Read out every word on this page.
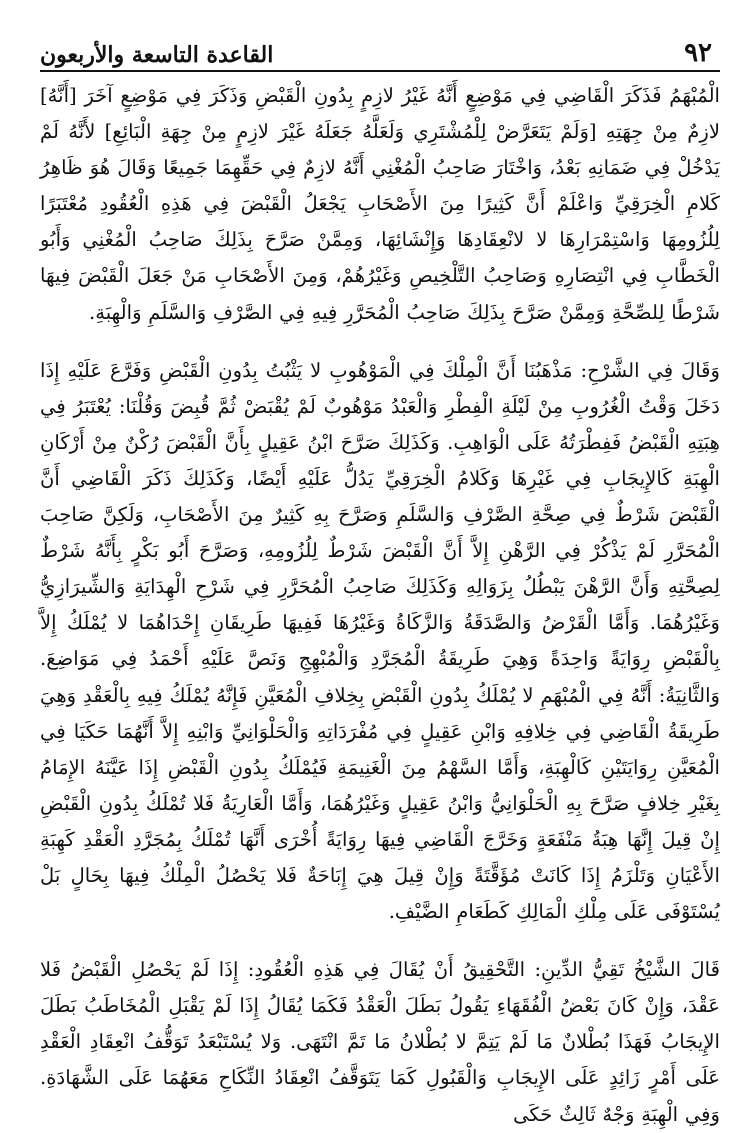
٩٢
القاعدة التاسعة والأربعون

الْمُبْهَمُ فَذَكَرَ الْقَاضِي فِي مَوْضِعٍ أَنَّهُ غَيْرُ لازِمٍ بِدُونِ الْقَبْضِ وَذَكَرَ فِي مَوْضِعٍ آخَرَ [أَنَّهُ] لازِمٌ مِنْ جِهَتِهِ [وَلَمْ يَتَعَرَّضْ لِلْمُشْتَرِي وَلَعَلَّهُ جَعَلَهُ غَيْرَ لازِمٍ مِنْ جِهَةِ الْبَائِعِ] لأَنَّهُ لَمْ يَدْخُلْ فِي ضَمَانِهِ بَعْدُ، وَاخْتَارَ صَاحِبُ الْمُغْنِي أَنَّهُ لازِمٌ فِي حَقِّهِمَا جَمِيعًا وَقَالَ هُوَ ظَاهِرُ كَلامِ الْخِرَقِيِّ وَاعْلَمْ أَنَّ كَثِيرًا مِنَ الأَصْحَابِ يَجْعَلُ الْقَبْضَ فِي هَذِهِ الْعُقُودِ مُعْتَبَرًا لِلُزُومِهَا وَاسْتِمْرَارِهَا لا لانْعِقَادِهَا وَإِنْشَائِهَا، وَمِمَّنْ صَرَّحَ بِذَلِكَ صَاحِبُ الْمُغْنِي وَأَبُو الْخَطَّابِ فِي انْتِصَارِهِ وَصَاحِبُ التَّلْخِيصِ وَغَيْرُهُمْ، وَمِنَ الأَصْحَابِ مَنْ جَعَلَ الْقَبْضَ فِيهَا شَرْطًا لِلصِّحَّةِ وَمِمَّنْ صَرَّحَ بِذَلِكَ صَاحِبُ الْمُحَرَّرِ فِيهِ فِي الصَّرْفِ وَالسَّلَمِ وَالْهِبَةِ.

وَقَالَ فِي الشَّرْحِ: مَذْهَبُنَا أَنَّ الْمِلْكَ فِي الْمَوْهُوبِ لا يَثْبُتُ بِدُونِ الْقَبْضِ وَفَرَّعَ عَلَيْهِ إِذَا دَخَلَ وَقْتُ الْغُرُوبِ مِنْ لَيْلَةِ الْفِطْرِ وَالْعَبْدُ مَوْهُوبٌ لَمْ يُقْبَضْ ثُمَّ قُبِضَ وَقُلْنَا: يُعْتَبَرُ فِي هِبَتِهِ الْقَبْضُ فَفِطْرَتُهُ عَلَى الْوَاهِبِ. وَكَذَلِكَ صَرَّحَ ابْنُ عَقِيلٍ بِأَنَّ الْقَبْضَ رُكْنٌ مِنْ أَرْكَانِ الْهِبَةِ كَالإِيجَابِ فِي غَيْرِهَا وَكَلامُ الْخِرَقِيِّ يَدُلُّ عَلَيْهِ أَيْضًا، وَكَذَلِكَ ذَكَرَ الْقَاضِي أَنَّ الْقَبْضَ شَرْطٌ فِي صِحَّةِ الصَّرْفِ وَالسَّلَمِ وَصَرَّحَ بِهِ كَثِيرٌ مِنَ الأَصْحَابِ، وَلَكِنَّ صَاحِبَ الْمُحَرَّرِ لَمْ يَذْكُرْ فِي الرَّهْنِ إِلاَّ أَنَّ الْقَبْضَ شَرْطٌ لِلُزُومِهِ، وَصَرَّحَ أَبُو بَكْرٍ بِأَنَّهُ شَرْطٌ لِصِحَّتِهِ وَأَنَّ الرَّهْنَ يَبْطُلُ بِزَوَالِهِ وَكَذَلِكَ صَاحِبُ الْمُحَرَّرِ فِي شَرْحِ الْهِدَايَةِ وَالشِّيرَازِيُّ وَغَيْرُهُمَا. وَأَمَّا الْقَرْضُ وَالصَّدَقَةُ وَالزَّكَاةُ وَغَيْرُهَا فَفِيهَا طَرِيقَانِ إِحْدَاهُمَا لا يُمْلَكُ إِلاَّ بِالْقَبْضِ رِوَايَةً وَاحِدَةً وَهِيَ طَرِيقَةُ الْمُجَرَّدِ وَالْمُبْهِجِ وَنَصَّ عَلَيْهِ أَحْمَدُ فِي مَوَاضِعَ. وَالثَّانِيَةُ: أَنَّهُ فِي الْمُبْهَمِ لا يُمْلَكُ بِدُونِ الْقَبْضِ بِخِلافِ الْمُعَيَّنِ فَإِنَّهُ يُمْلَكُ فِيهِ بِالْعَقْدِ وَهِيَ طَرِيقَةُ الْقَاضِي فِي خِلافِهِ وَابْنِ عَقِيلٍ فِي مُفْرَدَاتِهِ وَالْحَلْوَانِيِّ وَابْنِهِ إِلاَّ أَنَّهُمَا حَكَيَا فِي الْمُعَيَّنِ رِوَايَتَيْنِ كَالْهِبَةِ، وَأَمَّا السَّهْمُ مِنَ الْغَنِيمَةِ فَيُمْلَكُ بِدُونِ الْقَبْضِ إِذَا عَيَّنَهُ الإِمَامُ بِغَيْرِ خِلافٍ صَرَّحَ بِهِ الْحَلْوَانِيُّ وَابْنُ عَقِيلٍ وَغَيْرُهُمَا، وَأَمَّا الْعَارِيَةُ فَلا تُمْلَكُ بِدُونِ الْقَبْضِ إِنْ قِيلَ إِنَّهَا هِبَةُ مَنْفَعَةٍ وَخَرَّجَ الْقَاضِي فِيهَا رِوَايَةً أُخْرَى أَنَّهَا تُمْلَكُ بِمُجَرَّدِ الْعَقْدِ كَهِبَةِ الأَعْيَانِ وَتَلْزَمُ إِذَا كَانَتْ مُؤَقَّتَةً وَإِنْ قِيلَ هِيَ إِبَاحَةٌ فَلا يَحْصُلُ الْمِلْكُ فِيهَا بِحَالٍ بَلْ يُسْتَوْفَى عَلَى مِلْكِ الْمَالِكِ كَطَعَامِ الضَّيْفِ.

قَالَ الشَّيْخُ تَقِيُّ الدِّينِ: التَّحْقِيقُ أَنْ يُقَالَ فِي هَذِهِ الْعُقُودِ: إِذَا لَمْ يَحْصُلِ الْقَبْضُ فَلا عَقْدَ، وَإِنْ كَانَ بَعْضُ الْفُقَهَاءِ يَقُولُ بَطَلَ الْعَقْدُ فَكَمَا يُقَالُ إِذَا لَمْ يَقْبَلِ الْمُخَاطَبُ بَطَلَ الإِيجَابُ فَهَذَا بُطْلانٌ مَا لَمْ يَتِمَّ لا بُطْلانُ مَا تَمَّ انْتَهَى. وَلا يُسْتَبْعَدُ تَوَقُّفُ انْعِقَادِ الْعَقْدِ عَلَى أَمْرٍ زَائِدٍ عَلَى الإِيجَابِ وَالْقَبُولِ كَمَا يَتَوَقَّفُ انْعِقَادُ النِّكَاحِ مَعَهُمَا عَلَى الشَّهَادَةِ. وَفِي الْهِبَةِ وَجْهٌ ثَالِثٌ حَكَى
